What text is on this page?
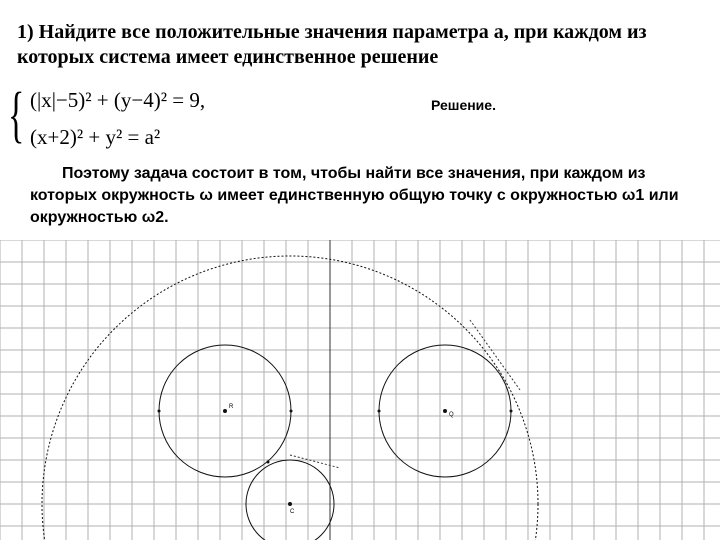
1) Найдите все положительные значения параметра a, при каждом из которых система имеет единственное решение
{ (|x|−5)² + (y−4)² = 9,
(x+2)² + y² = a²
Решение.
Поэтому задача состоит в том, чтобы найти все значения, при каждом из которых окружность ω имеет единственную общую точку с окружностью ω1 или окружностью ω2.
R
Q
C
